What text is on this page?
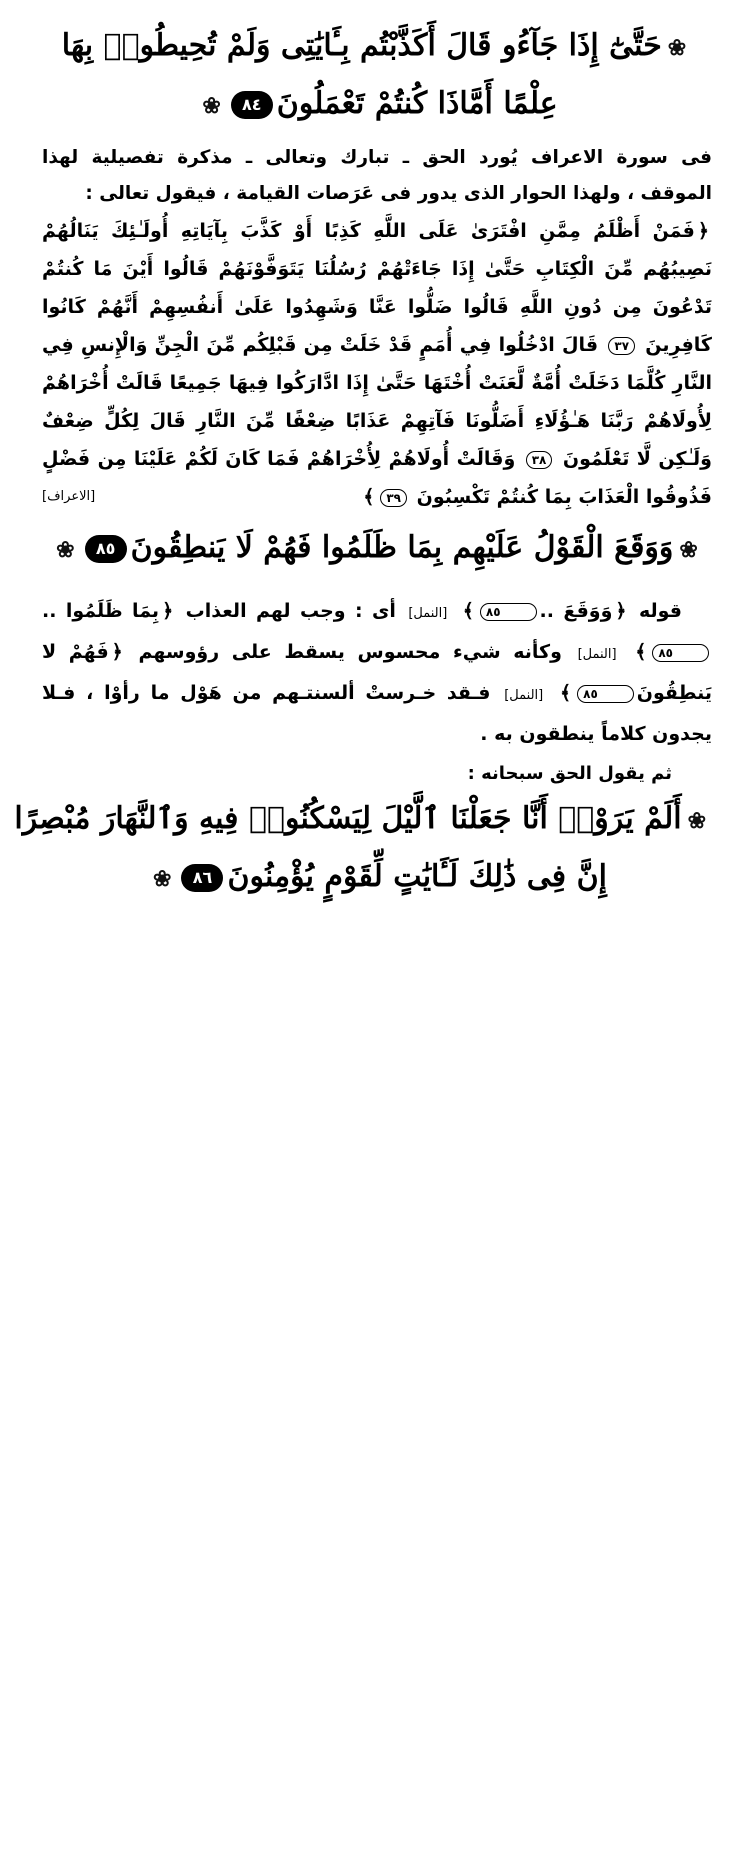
❀حَتَّىٰٓ إِذَا جَآءُو قَالَ أَكَذَّبْتُم بِـَٔايَٰتِى وَلَمْ تُحِيطُوا۟ بِهَا
عِلْمًا أَمَّاذَا كُنتُمْ تَعْمَلُونَ٨٤❀

فى سورة الاعراف يُورد الحق ـ تبارك وتعالى ـ مذكرة تفصيلية لهذا الموقف ، ولهذا الحوار الذى يدور فى عَرَصات القيامة ، فيقول تعالى :

﴿فَمَنْ أَظْلَمُ مِمَّنِ افْتَرَىٰ عَلَى اللَّهِ كَذِبًا أَوْ كَذَّبَ بِآيَاتِهِ أُولَـٰئِكَ يَنَالُهُمْ نَصِيبُهُم مِّنَ الْكِتَابِ حَتَّىٰ إِذَا جَاءَتْهُمْ رُسُلُنَا يَتَوَفَّوْنَهُمْ قَالُوا أَيْنَ مَا كُنتُمْ تَدْعُونَ مِن دُونِ اللَّهِ قَالُوا ضَلُّوا عَنَّا وَشَهِدُوا عَلَىٰ أَنفُسِهِمْ أَنَّهُمْ كَانُوا كَافِرِينَ ٣٧ قَالَ ادْخُلُوا فِي أُمَمٍ قَدْ خَلَتْ مِن قَبْلِكُم مِّنَ الْجِنِّ وَالْإِنسِ فِي النَّارِ كُلَّمَا دَخَلَتْ أُمَّةٌ لَّعَنَتْ أُخْتَهَا حَتَّىٰ إِذَا ادَّارَكُوا فِيهَا جَمِيعًا قَالَتْ أُخْرَاهُمْ لِأُولَاهُمْ رَبَّنَا هَـٰؤُلَاءِ أَضَلُّونَا فَآتِهِمْ عَذَابًا ضِعْفًا مِّنَ النَّارِ قَالَ لِكُلٍّ ضِعْفٌ وَلَـٰكِن لَّا تَعْلَمُونَ ٣٨ وَقَالَتْ أُولَاهُمْ لِأُخْرَاهُمْ فَمَا كَانَ لَكُمْ عَلَيْنَا مِن فَضْلٍ فَذُوقُوا الْعَذَابَ بِمَا كُنتُمْ تَكْسِبُونَ ٣٩﴾
[الاعراف]

❀وَوَقَعَ الْقَوْلُ عَلَيْهِم بِمَا ظَلَمُوا فَهُمْ لَا يَنطِقُونَ٨٥❀

قوله ﴿وَوَقَعَ ..٨٥﴾ [النمل] أى : وجب لهم العذاب ﴿بِمَا ظَلَمُوا ..٨٥﴾ [النمل] وكأنه شيء محسوس يسقط على رؤوسهم ﴿فَهُمْ لا يَنطِقُونَ٨٥﴾ [النمل] فـقد خـرستْ ألسنتـهم من هَوْل ما رأوْا ، فـلا يجدون كلاماً ينطقون به .

ثم يقول الحق سبحانه :

❀أَلَمْ يَرَوْا۟ أَنَّا جَعَلْنَا ٱلَّيْلَ لِيَسْكُنُوا۟ فِيهِ وَٱلنَّهَارَ مُبْصِرًا
إِنَّ فِى ذَٰلِكَ لَـَٔايَٰتٍ لِّقَوْمٍ يُؤْمِنُونَ٨٦❀
